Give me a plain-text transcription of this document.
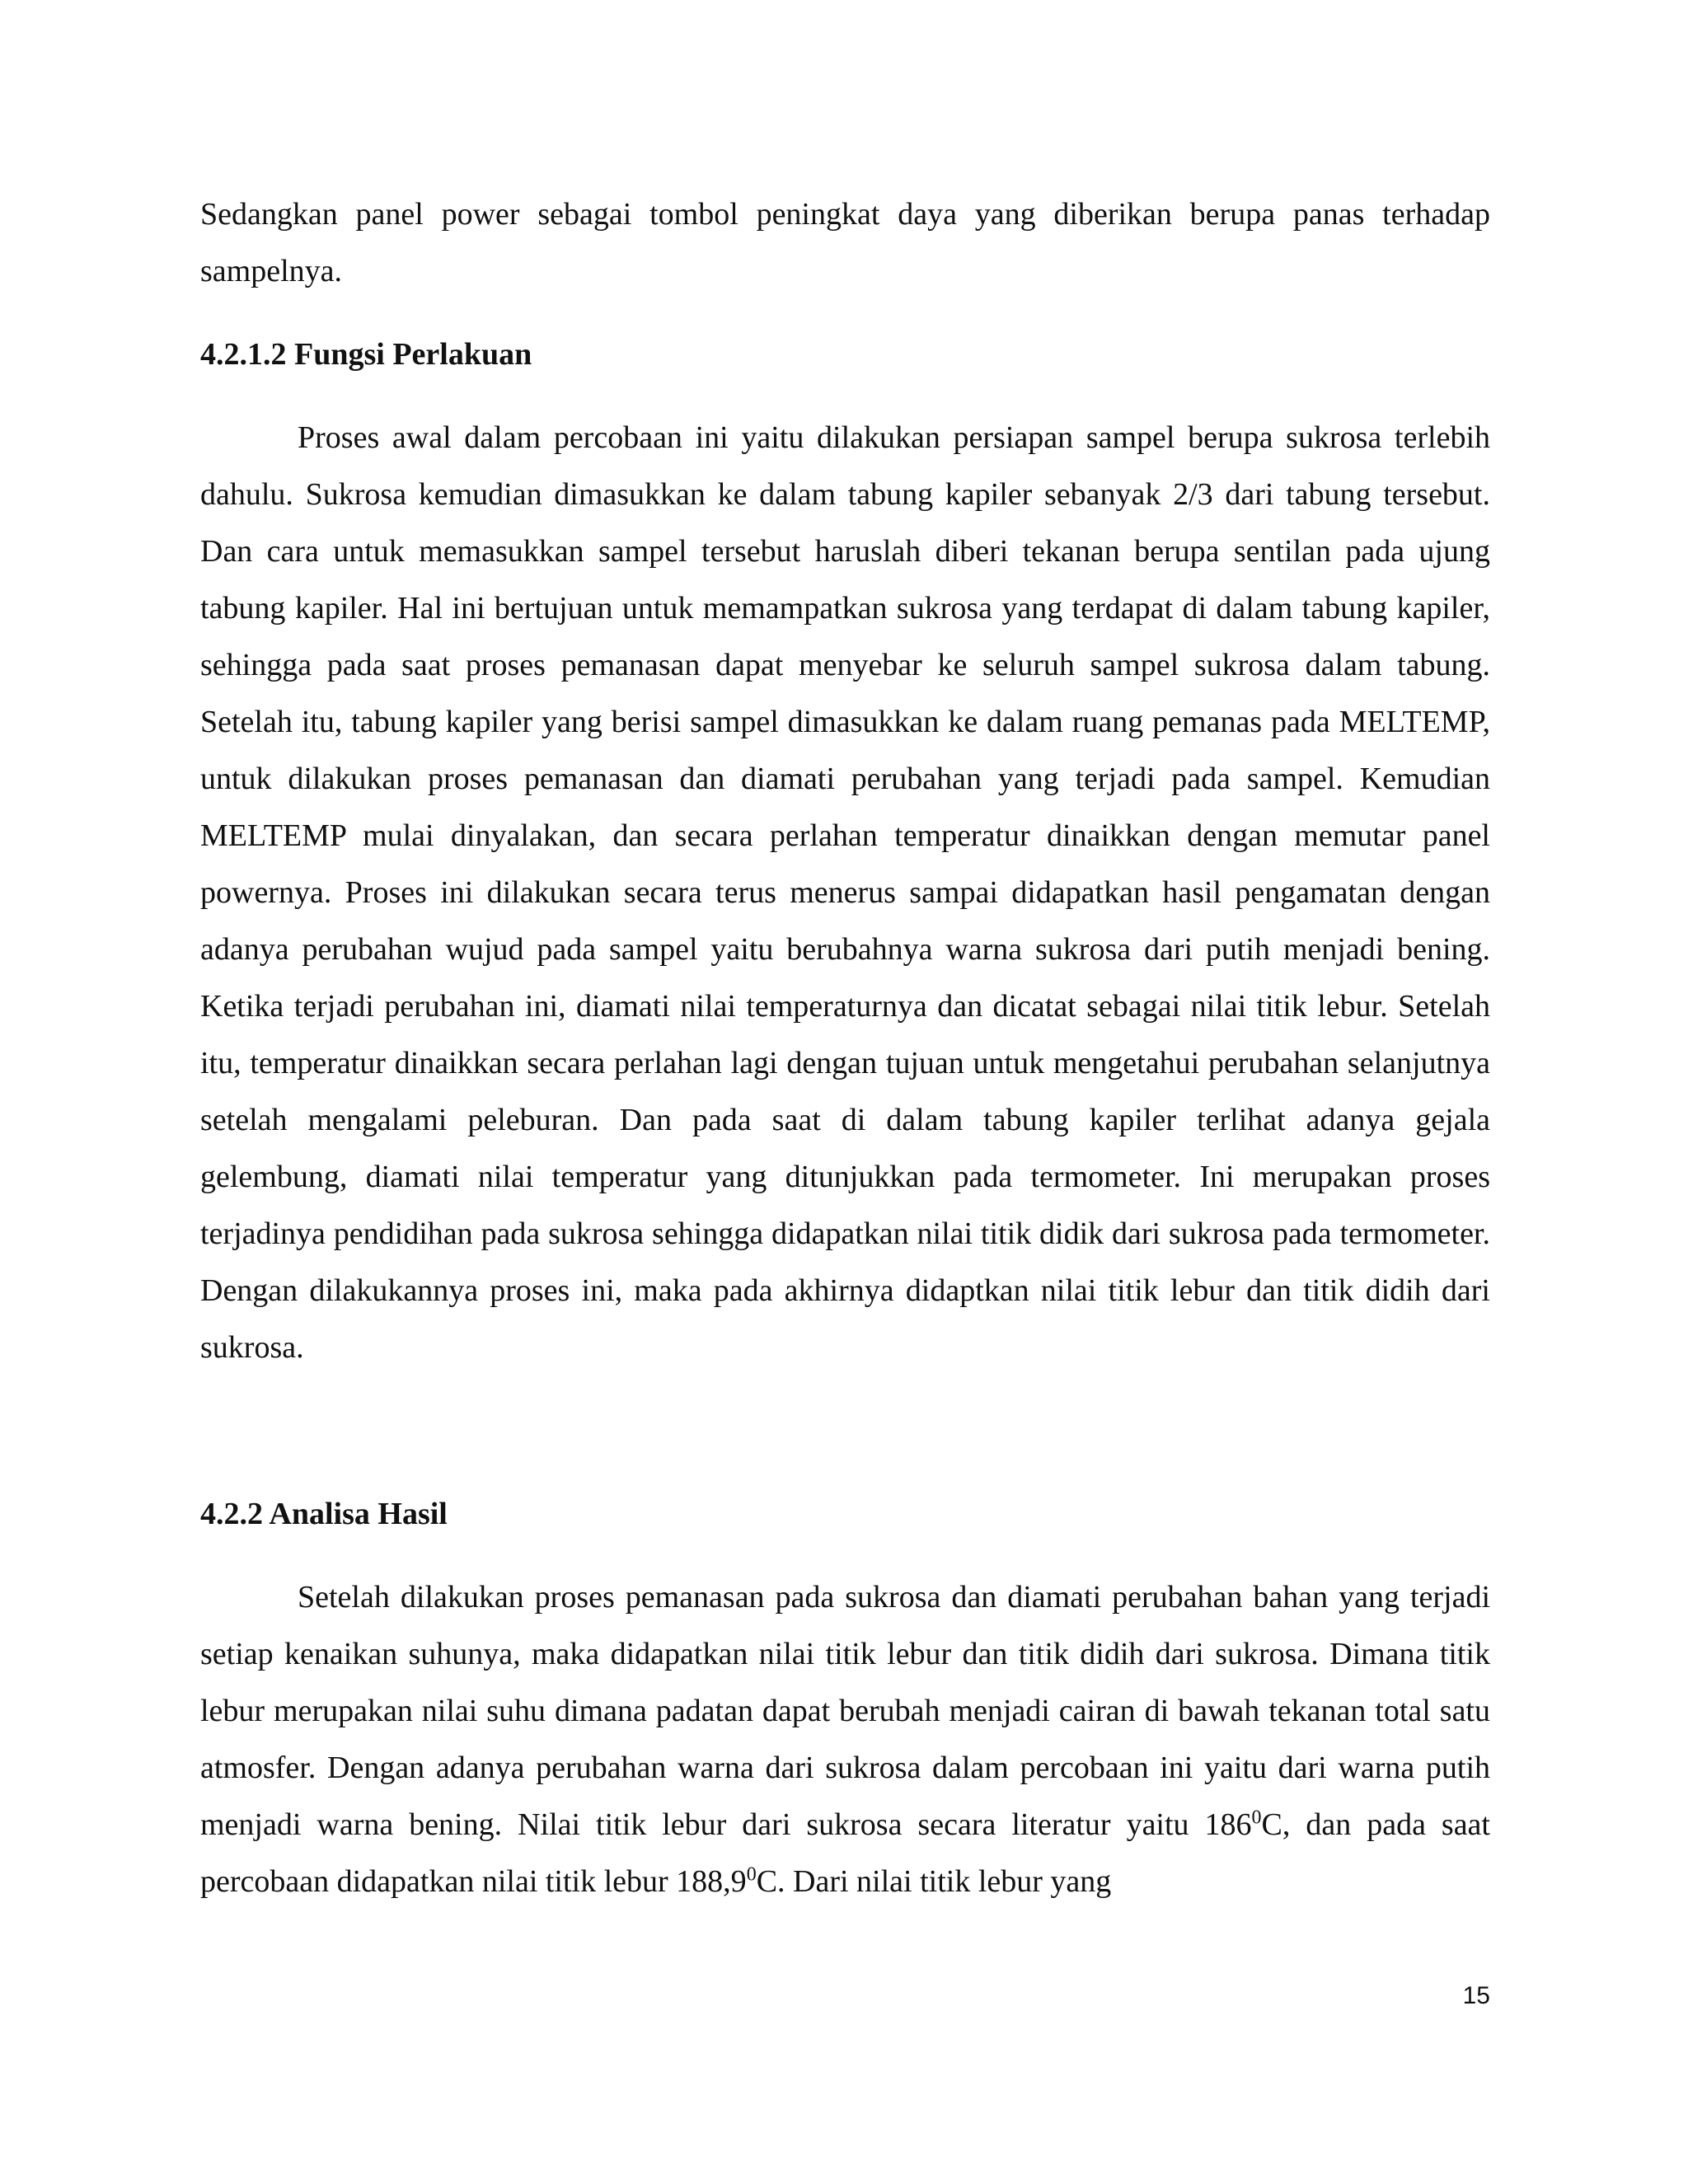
Sedangkan panel power sebagai tombol peningkat daya yang diberikan berupa panas terhadap sampelnya.

4.2.1.2 Fungsi Perlakuan

Proses awal dalam percobaan ini yaitu dilakukan persiapan sampel berupa sukrosa terlebih dahulu. Sukrosa kemudian dimasukkan ke dalam tabung kapiler sebanyak 2/3 dari tabung tersebut. Dan cara untuk memasukkan sampel tersebut haruslah diberi tekanan berupa sentilan pada ujung tabung kapiler. Hal ini bertujuan untuk memampatkan sukrosa yang terdapat di dalam tabung kapiler, sehingga pada saat proses pemanasan dapat menyebar ke seluruh sampel sukrosa dalam tabung. Setelah itu, tabung kapiler yang berisi sampel dimasukkan ke dalam ruang pemanas pada MELTEMP, untuk dilakukan proses pemanasan dan diamati perubahan yang terjadi pada sampel. Kemudian MELTEMP mulai dinyalakan, dan secara perlahan temperatur dinaikkan dengan memutar panel powernya. Proses ini dilakukan secara terus menerus sampai didapatkan hasil pengamatan dengan adanya perubahan wujud pada sampel yaitu berubahnya warna sukrosa dari putih menjadi bening. Ketika terjadi perubahan ini, diamati nilai temperaturnya dan dicatat sebagai nilai titik lebur. Setelah itu, temperatur dinaikkan secara perlahan lagi dengan tujuan untuk mengetahui perubahan selanjutnya setelah mengalami peleburan. Dan pada saat di dalam tabung kapiler terlihat adanya gejala gelembung, diamati nilai temperatur yang ditunjukkan pada termometer. Ini merupakan proses terjadinya pendidihan pada sukrosa sehingga didapatkan nilai titik didik dari sukrosa pada termometer. Dengan dilakukannya proses ini, maka pada akhirnya didaptkan nilai titik lebur dan titik didih dari sukrosa.

4.2.2 Analisa Hasil

Setelah dilakukan proses pemanasan pada sukrosa dan diamati perubahan bahan yang terjadi setiap kenaikan suhunya, maka didapatkan nilai titik lebur dan titik didih dari sukrosa. Dimana titik lebur merupakan nilai suhu dimana padatan dapat berubah menjadi cairan di bawah tekanan total satu atmosfer. Dengan adanya perubahan warna dari sukrosa dalam percobaan ini yaitu dari warna putih menjadi warna bening. Nilai titik lebur dari sukrosa secara literatur yaitu $186^0C$, dan pada saat percobaan didapatkan nilai titik lebur 188,9$^0$C. Dari nilai titik lebur yang

15
